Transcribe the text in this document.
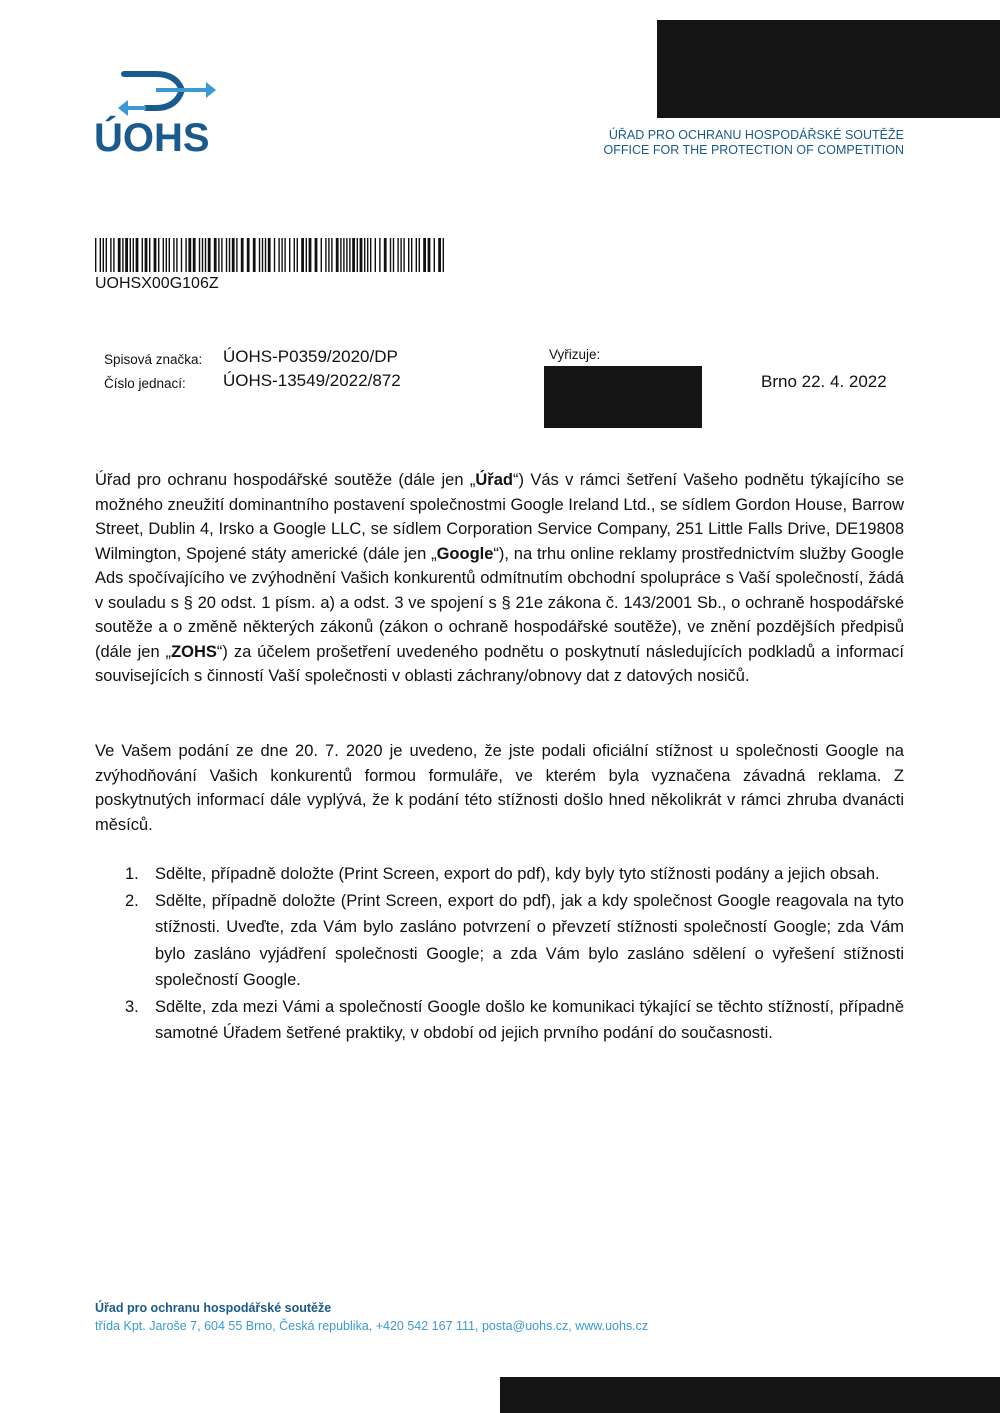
ÚOHS	ÚŘAD PRO OCHRANU HOSPODÁŘSKÉ SOUTĚŽE
OFFICE FOR THE PROTECTION OF COMPETITION
UOHSX00G106Z
Spisová značka: ÚOHS-P0359/2020/DP
Číslo jednací: ÚOHS-13549/2022/872
Vyřizuje:
Brno 22. 4. 2022

Úřad pro ochranu hospodářské soutěže (dále jen „Úřad“) Vás v rámci šetření Vašeho podnětu týkajícího se možného zneužití dominantního postavení společnostmi Google Ireland Ltd., se sídlem Gordon House, Barrow Street, Dublin 4, Irsko a Google LLC, se sídlem Corporation Service Company, 251 Little Falls Drive, DE19808 Wilmington, Spojené státy americké (dále jen „Google“), na trhu online reklamy prostřednictvím služby Google Ads spočívajícího ve zvýhodnění Vašich konkurentů odmítnutím obchodní spolupráce s Vaší společností, žádá v souladu s § 20 odst. 1 písm. a) a odst. 3 ve spojení s § 21e zákona č. 143/2001 Sb., o ochraně hospodářské soutěže a o změně některých zákonů (zákon o ochraně hospodářské soutěže), ve znění pozdějších předpisů (dále jen „ZOHS“) za účelem prošetření uvedeného podnětu o poskytnutí následujících podkladů a informací souvisejících s činností Vaší společnosti v oblasti záchrany/obnovy dat z datových nosičů.

Ve Vašem podání ze dne 20. 7. 2020 je uvedeno, že jste podali oficiální stížnost u společnosti Google na zvýhodňování Vašich konkurentů formou formuláře, ve kterém byla vyznačena závadná reklama. Z poskytnutých informací dále vyplývá, že k podání této stížnosti došlo hned několikrát v rámci zhruba dvanácti měsíců.

1. Sdělte, případně doložte (Print Screen, export do pdf), kdy byly tyto stížnosti podány a jejich obsah.
2. Sdělte, případně doložte (Print Screen, export do pdf), jak a kdy společnost Google reagovala na tyto stížnosti. Uveďte, zda Vám bylo zasláno potvrzení o převzetí stížnosti společností Google; zda Vám bylo zasláno vyjádření společnosti Google; a zda Vám bylo zasláno sdělení o vyřešení stížnosti společností Google.
3. Sdělte, zda mezi Vámi a společností Google došlo ke komunikaci týkající se těchto stížností, případně samotné Úřadem šetřené praktiky, v období od jejich prvního podání do současnosti.
Úřad pro ochranu hospodářské soutěže
třída Kpt. Jaroše 7, 604 55 Brno, Česká republika, +420 542 167 111, posta@uohs.cz, www.uohs.cz
